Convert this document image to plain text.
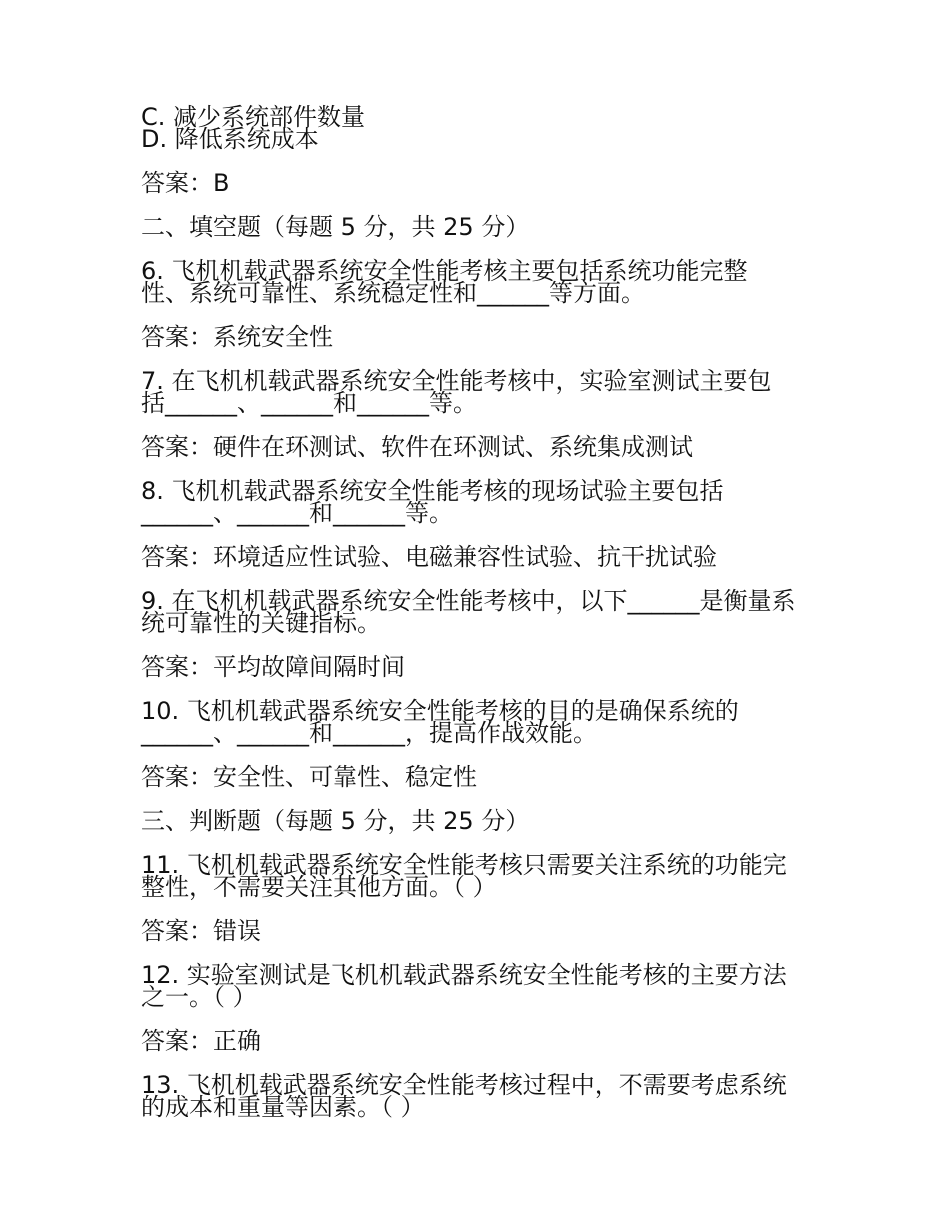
C. 减少系统部件数量
D. 降低系统成本
答案：B
二、填空题（每题 5 分，共 25 分）
6. 飞机机载武器系统安全性能考核主要包括系统功能完整
性、系统可靠性、系统稳定性和______等方面。
答案：系统安全性
7. 在飞机机载武器系统安全性能考核中，实验室测试主要包
括______、______和______等。
答案：硬件在环测试、软件在环测试、系统集成测试
8. 飞机机载武器系统安全性能考核的现场试验主要包括
______、______和______等。
答案：环境适应性试验、电磁兼容性试验、抗干扰试验
9. 在飞机机载武器系统安全性能考核中，以下______是衡量系
统可靠性的关键指标。
答案：平均故障间隔时间
10. 飞机机载武器系统安全性能考核的目的是确保系统的
______、______和______，提高作战效能。
答案：安全性、可靠性、稳定性
三、判断题（每题 5 分，共 25 分）
11. 飞机机载武器系统安全性能考核只需要关注系统的功能完
整性，不需要关注其他方面。（ ）
答案：错误
12. 实验室测试是飞机机载武器系统安全性能考核的主要方法
之一。（ ）
答案：正确
13. 飞机机载武器系统安全性能考核过程中，不需要考虑系统
的成本和重量等因素。（ ）
